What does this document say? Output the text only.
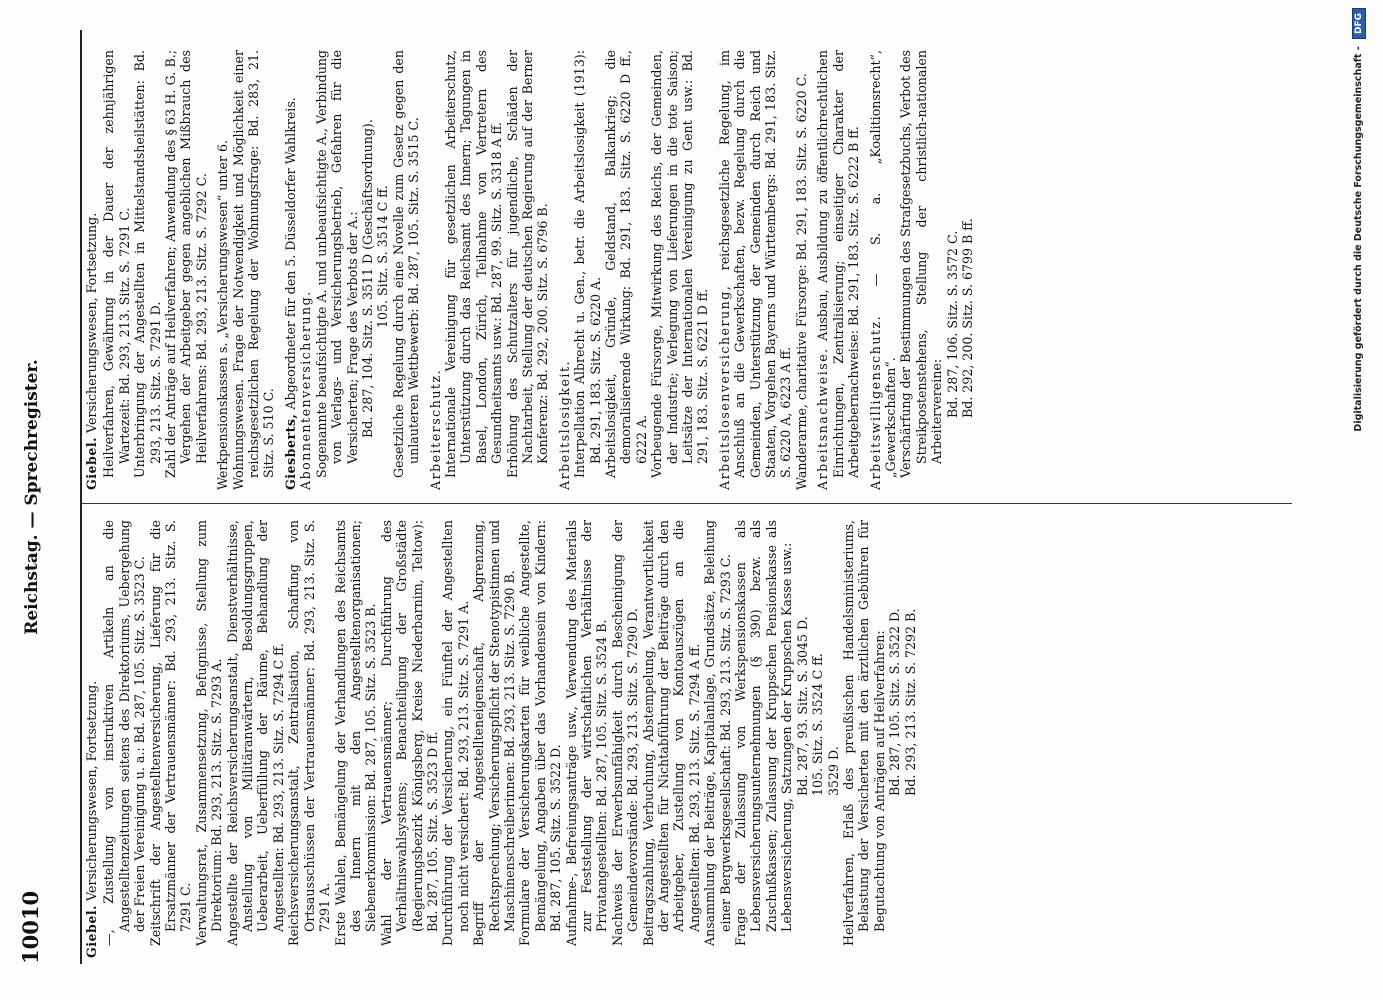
10010
Reichstag. — Sprechregister.

Giebel. Versicherungswesen, Fortsetzung. —, Zustellung von instruktiven Artikeln an die Angestelltenzeitungen seitens des Direktoriums, Uebergehung der Freien Vereinigung u. a.: Bd. 287, 105. Sitz. S. 3523 C. Zeitschrift der Angestelltenversicherung, Lieferung für die Ersatzmänner der Vertrauensmänner: Bd. 293, 213. Sitz. S. 7291 C. Verwaltungsrat, Zusammensetzung, Befugnisse, Stellung zum Direktorium: Bd. 293, 213. Sitz. S. 7293 A. Angestellte der Reichsversicherungsanstalt, Dienstverhältnisse, Anstellung von Militäranwärtern, Besoldungsgruppen, Ueberarbeit, Ueberfüllung der Räume, Behandlung der Angestellten: Bd. 293, 213. Sitz. S. 7294 C ff. Reichsversicherungsanstalt, Zentralisation, Schaffung von Ortsausschüssen der Vertrauensmänner: Bd. 293, 213. Sitz. S. 7291 A. Erste Wahlen, Bemängelung der Verhandlungen des Reichsamts des Innern mit den Angestelltenorganisationen; Siebenerkommission: Bd. 287, 105. Sitz. S. 3523 B. Wahl der Vertrauensmänner; Durchführung des Verhältniswahlsystems; Benachteiligung der Großstädte (Regierungsbezirk Königsberg, Kreise Niederbarnim, Teltow): Bd. 287, 105. Sitz. S. 3523 D ff. Durchführung der Versicherung, ein Fünftel der Angestellten noch nicht versichert: Bd. 293, 213. Sitz. S. 7291 A. Begriff der Angestellteneigenschaft, Abgrenzung, Rechtsprechung; Versicherungspflicht der Stenotypistinnen und Maschinenschreiberinnen: Bd. 293, 213. Sitz. S. 7290 B. Formulare der Versicherungskarten für weibliche Angestellte, Bemängelung, Angaben über das Vorhandensein von Kindern: Bd. 287, 105. Sitz. S. 3522 D. Aufnahme-, Befreiungsanträge usw., Verwendung des Materials zur Feststellung der wirtschaftlichen Verhältnisse der Privatangestellten: Bd. 287, 105. Sitz. S. 3524 B. Nachweis der Erwerbsunfähigkeit durch Bescheinigung der Gemeindevorstände: Bd. 293, 213. Sitz. S. 7290 D. Beitragszahlung, Verbuchung, Abstempelung, Verantwortlichkeit der Angestellten für Nichtabführung der Beiträge durch den Arbeitgeber, Zustellung von Kontoauszügen an die Angestellten: Bd. 293, 213. Sitz. S. 7294 A ff. Ansammlung der Beiträge, Kapitalanlage, Grundsätze, Beleihung einer Bergwerksgesellschaft: Bd. 293, 213. Sitz. S. 7293 C. Frage der Zulassung von Werkspensionskassen als Lebensversicherungsunternehmungen (§ 390) bezw. als Zuschußkassen; Zulassung der Kruppschen Pensionskasse als Lebensversicherung, Satzungen der Kruppschen Kasse usw.: Bd. 287, 93. Sitz. S. 3045 D. 105. Sitz. S. 3524 C ff. 3529 D. Heilverfahren, Erlaß des preußischen Handelsministeriums, Belastung der Versicherten mit den ärztlichen Gebühren für Begutachtung von Anträgen auf Heilverfahren: Bd. 287, 105. Sitz. S. 3522 D. Bd. 293, 213. Sitz. S. 7292 B.

Giebel. Versicherungswesen, Fortsetzung. Heilverfahren, Gewährung in der Dauer der zehnjährigen Wartezeit: Bd. 293, 213. Sitz. S. 7291 C. Unterbringung der Angestellten in Mittelstandsheilstätten: Bd. 293, 213. Sitz. S. 7291 D. Zahl der Anträge auf Heilverfahren; Anwendung des § 63 H. G. B.; Vergehen der Arbeitgeber gegen angeblichen Mißbrauch des Heilverfahrens: Bd. 293, 213. Sitz. S. 7292 C. Werkpensionskassen s. „Versicherungswesen“ unter 6. Wohnungswesen. Frage der Notwendigkeit und Möglichkeit einer reichsgesetzlichen Regelung der Wohnungsfrage: Bd. 283, 21. Sitz. S. 510 C. Giesberts, Abgeordneter für den 5. Düsseldorfer Wahlkreis. Abonnentenversicherung. Sogenannte beaufsichtigte A. und unbeaufsichtigte A., Verbindung von Verlags- und Versicherungsbetrieb, Gefahren für die Versicherten; Frage des Verbots der A.: Bd. 287, 104. Sitz. S. 3511 D (Geschäftsordnung). 105. Sitz. S. 3514 C ff. Gesetzliche Regelung durch eine Novelle zum Gesetz gegen den unlauteren Wettbewerb: Bd. 287, 105. Sitz. S. 3515 C. Arbeiterschutz. Internationale Vereinigung für gesetzlichen Arbeiterschutz, Unterstützung durch das Reichsamt des Innern; Tagungen in Basel, London, Zürich, Teilnahme von Vertretern des Gesundheitsamts usw.: Bd. 287, 99. Sitz. S. 3318 A ff. Erhöhung des Schutzalters für jugendliche, Schäden der Nachtarbeit, Stellung der deutschen Regierung auf der Berner Konferenz: Bd. 292, 200. Sitz. S. 6796 B. Arbeitslosigkeit. Interpellation Albrecht u. Gen., betr. die Arbeitslosigkeit (1913): Bd. 291, 183. Sitz. S. 6220 A. Arbeitslosigkeit, Gründe, Geldstand, Balkankrieg; die demoralisierende Wirkung: Bd. 291, 183. Sitz. S. 6220 D ff., 6222 A. Vorbeugende Fürsorge, Mitwirkung des Reichs, der Gemeinden, der Industrie; Verlegung von Lieferungen in die tote Saison; Leitsätze der Internationalen Vereinigung zu Gent usw.: Bd. 291, 183. Sitz. S. 6221 D ff. Arbeitslosenversicherung, reichsgesetzliche Regelung, im Anschluß an die Gewerkschaften, bezw. Regelung durch die Gemeinden, Unterstützung der Gemeinden durch Reich und Staaten, Vorgehen Bayerns und Württembergs: Bd. 291, 183. Sitz. S. 6220 A, 6223 A ff. Wanderarme, charitative Fürsorge: Bd. 291, 183. Sitz. S. 6220 C. Arbeitsnachweise. Ausbau, Ausbildung zu öffentlichrechtlichen Einrichtungen, Zentralisierung; einseitiger Charakter der Arbeitgebernachweise: Bd. 291, 183. Sitz. S. 6222 B ff. Arbeitswilligenschutz. — S. a. „Koalitionsrecht“, „Gewerkschaften“. Verschärfung der Bestimmungen des Strafgesetzbuchs, Verbot des Streikpostenstehens, Stellung der christlich-nationalen Arbeitervereine: Bd. 287, 106. Sitz. S. 3572 C. Bd. 292, 200. Sitz. S. 6799 B ff.	Digitalisierung gefördert durch die Deutsche Forschungsgemeinschaft - DFG
